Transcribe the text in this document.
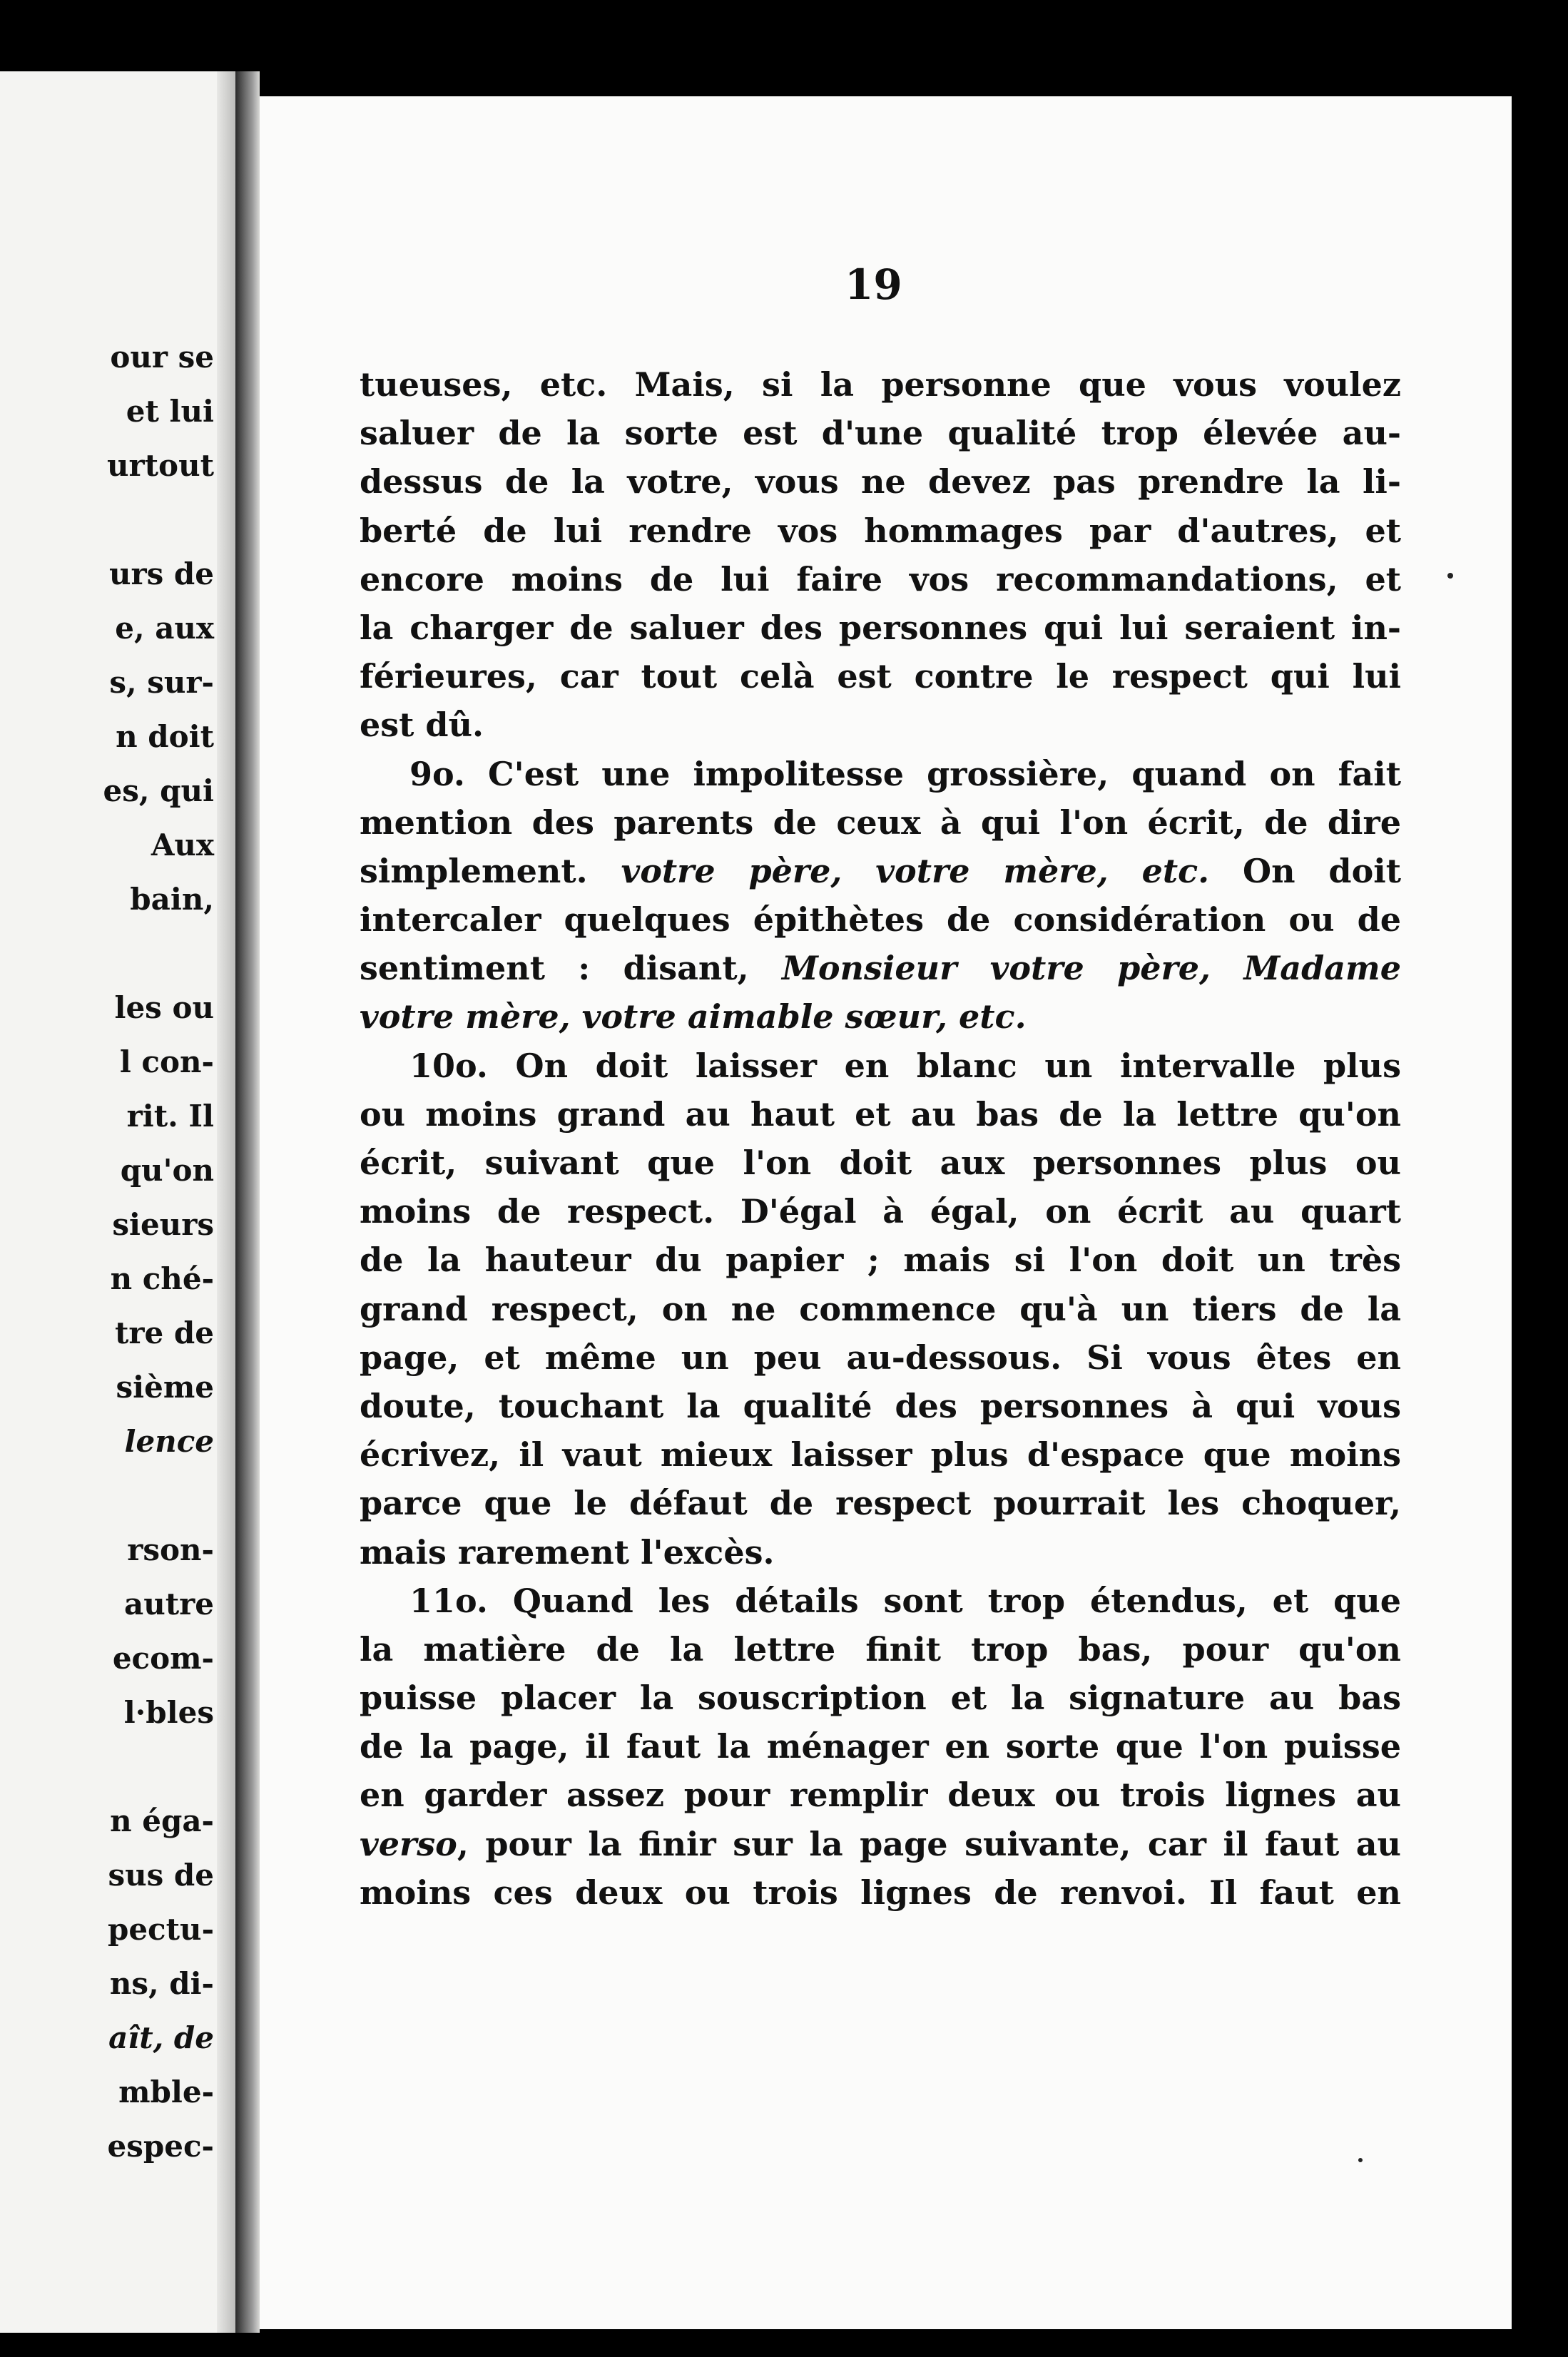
our se
et lui
urtout
urs de
e, aux
s, sur-
n doit
es, qui
Aux
bain,
les ou
l con-
rit. Il
qu'on
sieurs
n ché-
tre de
sième
lence
rson-
autre
ecom-
l·bles
n éga-
sus de
pectu-
ns, di-
aît, de
mble-
espec-
19
tueuses, etc. Mais, si la personne que vous voulez
saluer de la sorte est d'une qualité trop élevée au-
dessus de la votre, vous ne devez pas prendre la li-
berté de lui rendre vos hommages par d'autres, et
encore moins de lui faire vos recommandations, et
la charger de saluer des personnes qui lui seraient in-
férieures, car tout celà est contre le respect qui lui
est dû.
9o. C'est une impolitesse grossière, quand on fait
mention des parents de ceux à qui l'on écrit, de dire
simplement. votre père, votre mère, etc. On doit
intercaler quelques épithètes de considération ou de
sentiment : disant, Monsieur votre père, Madame
votre mère, votre aimable sœur, etc.
10o. On doit laisser en blanc un intervalle plus
ou moins grand au haut et au bas de la lettre qu'on
écrit, suivant que l'on doit aux personnes plus ou
moins de respect. D'égal à égal, on écrit au quart
de la hauteur du papier ; mais si l'on doit un très
grand respect, on ne commence qu'à un tiers de la
page, et même un peu au-dessous. Si vous êtes en
doute, touchant la qualité des personnes à qui vous
écrivez, il vaut mieux laisser plus d'espace que moins
parce que le défaut de respect pourrait les choquer,
mais rarement l'excès.
11o. Quand les détails sont trop étendus, et que
la matière de la lettre finit trop bas, pour qu'on
puisse placer la souscription et la signature au bas
de la page, il faut la ménager en sorte que l'on puisse
en garder assez pour remplir deux ou trois lignes au
verso, pour la finir sur la page suivante, car il faut au
moins ces deux ou trois lignes de renvoi. Il faut en
